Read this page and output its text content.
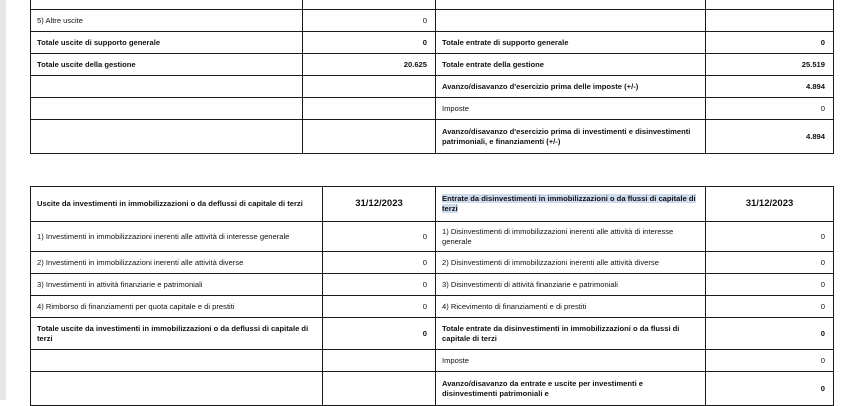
5) Altre uscite	0		
Totale uscite di supporto generale	0	Totale entrate di supporto generale	0
Totale uscite della gestione	20.625	Totale entrate della gestione	25.519
		Avanzo/disavanzo d'esercizio prima delle imposte (+/-)	4.894
		Imposte	0
		Avanzo/disavanzo d'esercizio prima di investimenti e disinvestimenti patrimoniali, e finanziamenti (+/-)	4.894
Uscite da investimenti in immobilizzazioni o da deflussi di capitale di terzi	31/12/2023	Entrate da disinvestimenti in immobilizzazioni o da flussi di capitale di terzi	31/12/2023
1) Investimenti in immobilizzazioni inerenti alle attività di interesse generale	0	1) Disinvestimenti di immobilizzazioni inerenti alle attività di interesse generale	0
2) Investimenti in immobilizzazioni inerenti alle attività diverse	0	2) Disinvestimenti di immobilizzazioni inerenti alle attività diverse	0
3) Investimenti in attività finanziarie e patrimoniali	0	3) Disinvestimenti di attività finanziarie e patrimoniali	0
4) Rimborso di finanziamenti per quota capitale e di prestiti	0	4) Ricevimento di finanziamenti e di prestiti	0
Totale uscite da investimenti in immobilizzazioni o da deflussi di capitale di terzi	0	Totale entrate da disinvestimenti in immobilizzazioni o da flussi di capitale di terzi	0
		Imposte	0
		Avanzo/disavanzo da entrate e uscite per investimenti e disinvestimenti patrimoniali e	0
